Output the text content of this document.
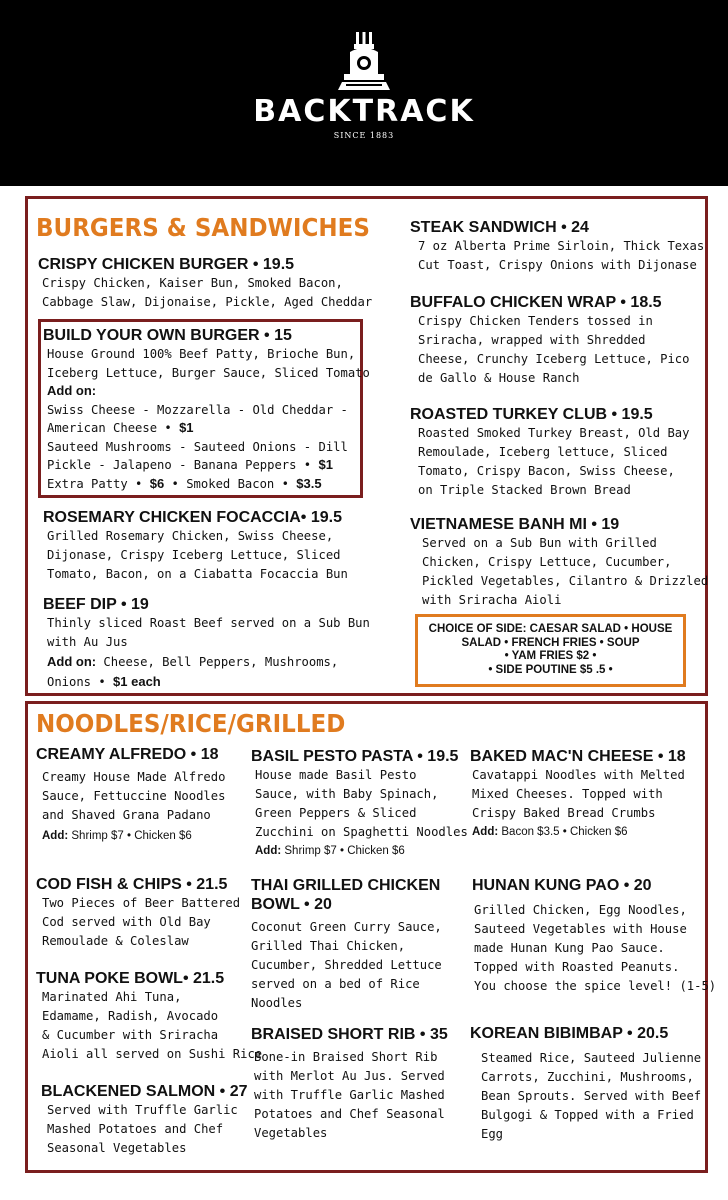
BACKTRACK
SINCE 1883
BURGERS & SANDWICHES
CRISPY CHICKEN BURGER • 19.5
Crispy Chicken, Kaiser Bun, Smoked Bacon,
Cabbage Slaw, Dijonaise, Pickle, Aged Cheddar
BUILD YOUR OWN BURGER • 15
House Ground 100% Beef Patty, Brioche Bun,
Iceberg Lettuce, Burger Sauce, Sliced Tomato
Add on:
Swiss Cheese - Mozzarella - Old Cheddar -
American Cheese • $1
Sauteed Mushrooms - Sauteed Onions - Dill
Pickle - Jalapeno - Banana Peppers • $1
Extra Patty • $6 • Smoked Bacon • $3.5
ROSEMARY CHICKEN FOCACCIA• 19.5
Grilled Rosemary Chicken, Swiss Cheese,
Dijonase, Crispy Iceberg Lettuce, Sliced
Tomato, Bacon, on a Ciabatta Focaccia Bun
BEEF DIP • 19
Thinly sliced Roast Beef served on a Sub Bun
with Au Jus
Add on: Cheese, Bell Peppers, Mushrooms,
Onions • $1 each
STEAK SANDWICH • 24
7 oz Alberta Prime Sirloin, Thick Texas
Cut Toast, Crispy Onions with Dijonase
BUFFALO CHICKEN WRAP • 18.5
Crispy Chicken Tenders tossed in
Sriracha, wrapped with Shredded
Cheese, Crunchy Iceberg Lettuce, Pico
de Gallo & House Ranch
ROASTED TURKEY CLUB • 19.5
Roasted Smoked Turkey Breast, Old Bay
Remoulade, Iceberg lettuce, Sliced
Tomato, Crispy Bacon, Swiss Cheese,
on Triple Stacked Brown Bread
VIETNAMESE BANH MI • 19
Served on a Sub Bun with Grilled
Chicken, Crispy Lettuce, Cucumber,
Pickled Vegetables, Cilantro & Drizzled
with Sriracha Aioli
CHOICE OF SIDE: CAESAR SALAD • HOUSE
SALAD • FRENCH FRIES • SOUP
• YAM FRIES $2 •
• SIDE POUTINE $5 .5 •
NOODLES/RICE/GRILLED
CREAMY ALFREDO • 18
Creamy House Made Alfredo
Sauce, Fettuccine Noodles
and Shaved Grana Padano
Add: Shrimp $7 • Chicken $6
COD FISH & CHIPS • 21.5
Two Pieces of Beer Battered
Cod served with Old Bay
Remoulade & Coleslaw
TUNA POKE BOWL• 21.5
Marinated Ahi Tuna,
Edamame, Radish, Avocado
& Cucumber with Sriracha
Aioli all served on Sushi Rice
BLACKENED SALMON • 27
Served with Truffle Garlic
Mashed Potatoes and Chef
Seasonal Vegetables
BASIL PESTO PASTA • 19.5
House made Basil Pesto
Sauce, with Baby Spinach,
Green Peppers & Sliced
Zucchini on Spaghetti Noodles
Add: Shrimp $7 • Chicken $6
THAI GRILLED CHICKEN
BOWL • 20
Coconut Green Curry Sauce,
Grilled Thai Chicken,
Cucumber, Shredded Lettuce
served on a bed of Rice
Noodles
BRAISED SHORT RIB • 35
Bone-in Braised Short Rib
with Merlot Au Jus. Served
with Truffle Garlic Mashed
Potatoes and Chef Seasonal
Vegetables
BAKED MAC'N CHEESE • 18
Cavatappi Noodles with Melted
Mixed Cheeses. Topped with
Crispy Baked Bread Crumbs
Add: Bacon $3.5 • Chicken $6
HUNAN KUNG PAO • 20
Grilled Chicken, Egg Noodles,
Sauteed Vegetables with House
made Hunan Kung Pao Sauce.
Topped with Roasted Peanuts.
You choose the spice level! (1-5)
KOREAN BIBIMBAP • 20.5
Steamed Rice, Sauteed Julienne
Carrots, Zucchini, Mushrooms,
Bean Sprouts. Served with Beef
Bulgogi & Topped with a Fried
Egg
